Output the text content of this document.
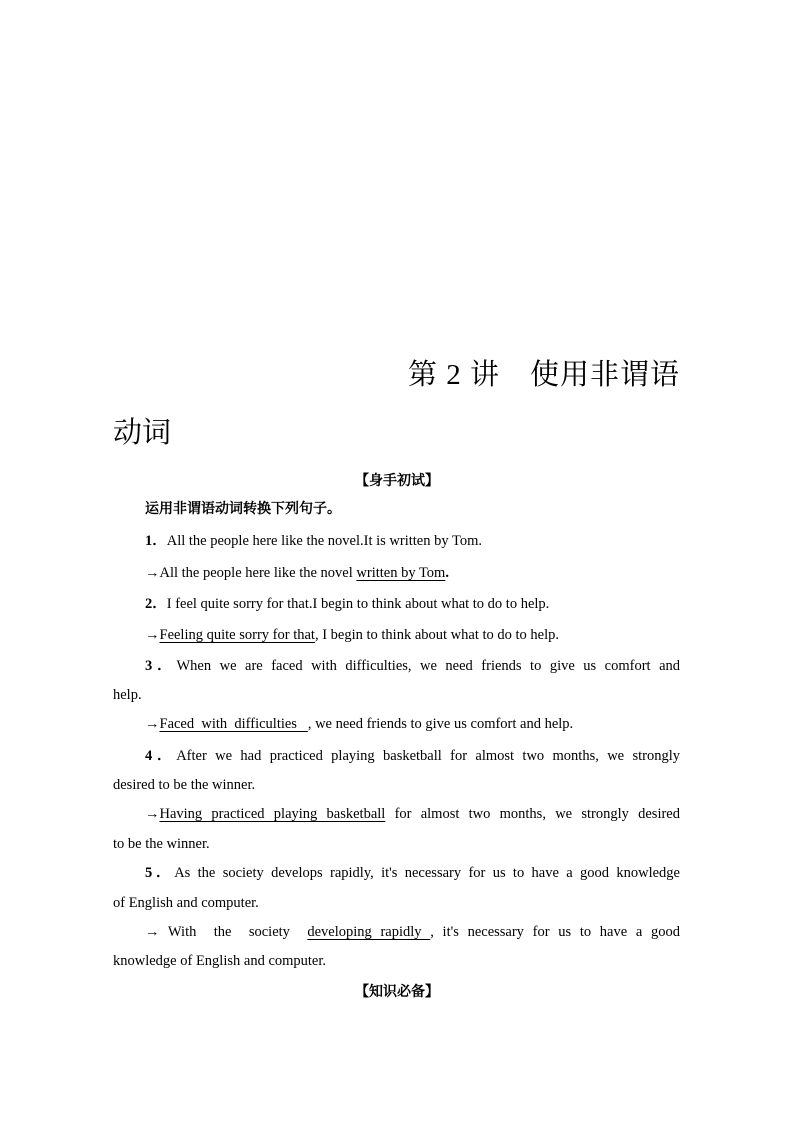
第 2 讲 使用非谓语
动词
【身手初试】
运用非谓语动词转换下列句子。
1．All the people here like the novel.It is written by Tom.
→All the people here like the novel written by Tom.
2．I feel quite sorry for that.I begin to think about what to do to help.
→Feeling quite sorry for that, I begin to think about what to do to help.
3．When we are faced with difficulties, we need friends to give us comfort and
help.
→Faced  with  difficulties   , we need friends to give us comfort and help.
4．After we had practiced playing basketball for almost two months, we strongly
desired to be the winner.
→Having practiced playing basketball for almost two months, we strongly desired
to be the winner.
5．As the society develops rapidly, it's necessary for us to have a good knowledge
of English and computer.
→ With  the  society  developing rapidly , it's necessary for us to have a good
knowledge of English and computer.
【知识必备】
